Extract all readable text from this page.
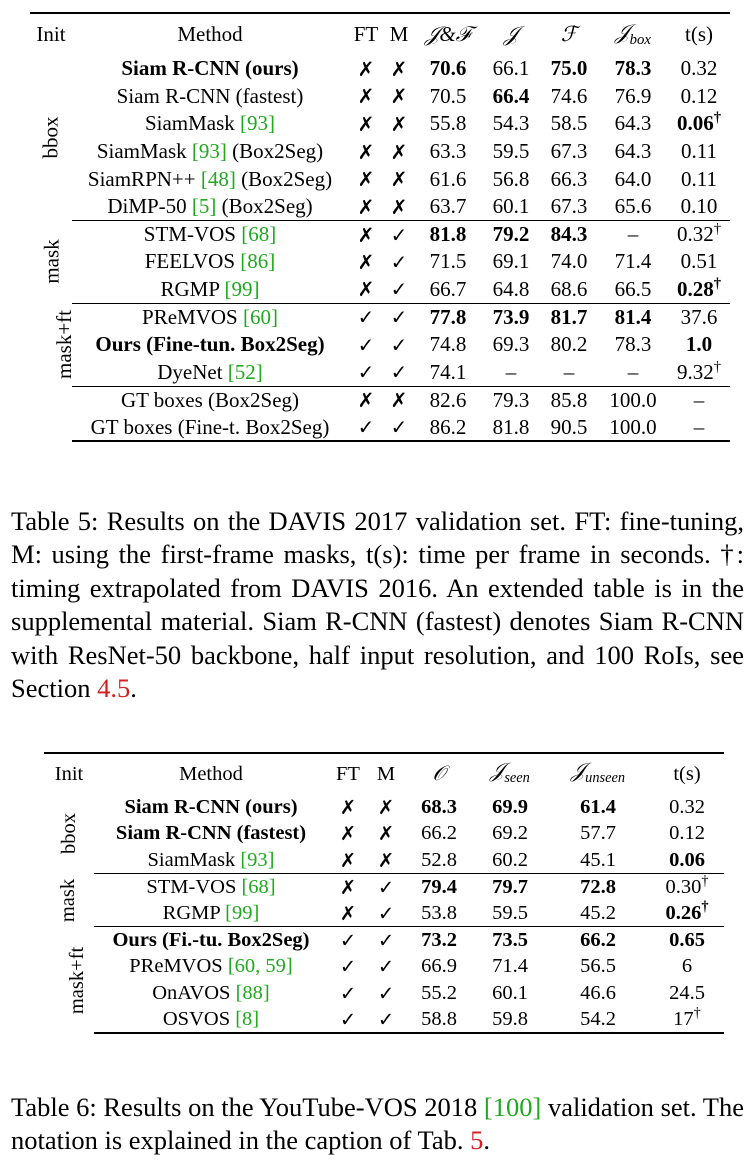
Init	Method	FT	M	𝒥&ℱ	𝒥	ℱ	𝒥$_{box}$	t(s)
bbox	Siam R-CNN (ours)	✗	✗	70.6	66.1	75.0	78.3	0.32
	Siam R-CNN (fastest)	✗	✗	70.5	66.4	74.6	76.9	0.12
	SiamMask [93]	✗	✗	55.8	54.3	58.5	64.3	0.06†
	SiamMask [93] (Box2Seg)	✗	✗	63.3	59.5	67.3	64.3	0.11
	SiamRPN++ [48] (Box2Seg)	✗	✗	61.6	56.8	66.3	64.0	0.11
	DiMP-50 [5] (Box2Seg)	✗	✗	63.7	60.1	67.3	65.6	0.10
mask	STM-VOS [68]	✗	✓	81.8	79.2	84.3	–	0.32†
	FEELVOS [86]	✗	✓	71.5	69.1	74.0	71.4	0.51
	RGMP [99]	✗	✓	66.7	64.8	68.6	66.5	0.28†
mask+ft	PReMVOS [60]	✓	✓	77.8	73.9	81.7	81.4	37.6
	Ours (Fine-tun. Box2Seg)	✓	✓	74.8	69.3	80.2	78.3	1.0
	DyeNet [52]	✓	✓	74.1	–	–	–	9.32†
	GT boxes (Box2Seg)	✗	✗	82.6	79.3	85.8	100.0	–
	GT boxes (Fine-t. Box2Seg)	✓	✓	86.2	81.8	90.5	100.0	–
Table 5: Results on the DAVIS 2017 validation set. FT: fine-tuning, M: using the first-frame masks, t(s): time per frame in seconds. †: timing extrapolated from DAVIS 2016. An extended table is in the supplemental material. Siam R-CNN (fastest) denotes Siam R-CNN with ResNet-50 backbone, half input resolution, and 100 RoIs, see Section 4.5.
Init	Method	FT	M	𝒪	𝒥$_{seen}$	𝒥$_{unseen}$	t(s)
bbox	Siam R-CNN (ours)	✗	✗	68.3	69.9	61.4	0.32
	Siam R-CNN (fastest)	✗	✗	66.2	69.2	57.7	0.12
	SiamMask [93]	✗	✗	52.8	60.2	45.1	0.06
mask	STM-VOS [68]	✗	✓	79.4	79.7	72.8	0.30†
	RGMP [99]	✗	✓	53.8	59.5	45.2	0.26†
mask+ft	Ours (Fi.-tu. Box2Seg)	✓	✓	73.2	73.5	66.2	0.65
	PReMVOS [60, 59]	✓	✓	66.9	71.4	56.5	6
	OnAVOS [88]	✓	✓	55.2	60.1	46.6	24.5
	OSVOS [8]	✓	✓	58.8	59.8	54.2	17†
Table 6: Results on the YouTube-VOS 2018 [100] validation set. The notation is explained in the caption of Tab. 5.
